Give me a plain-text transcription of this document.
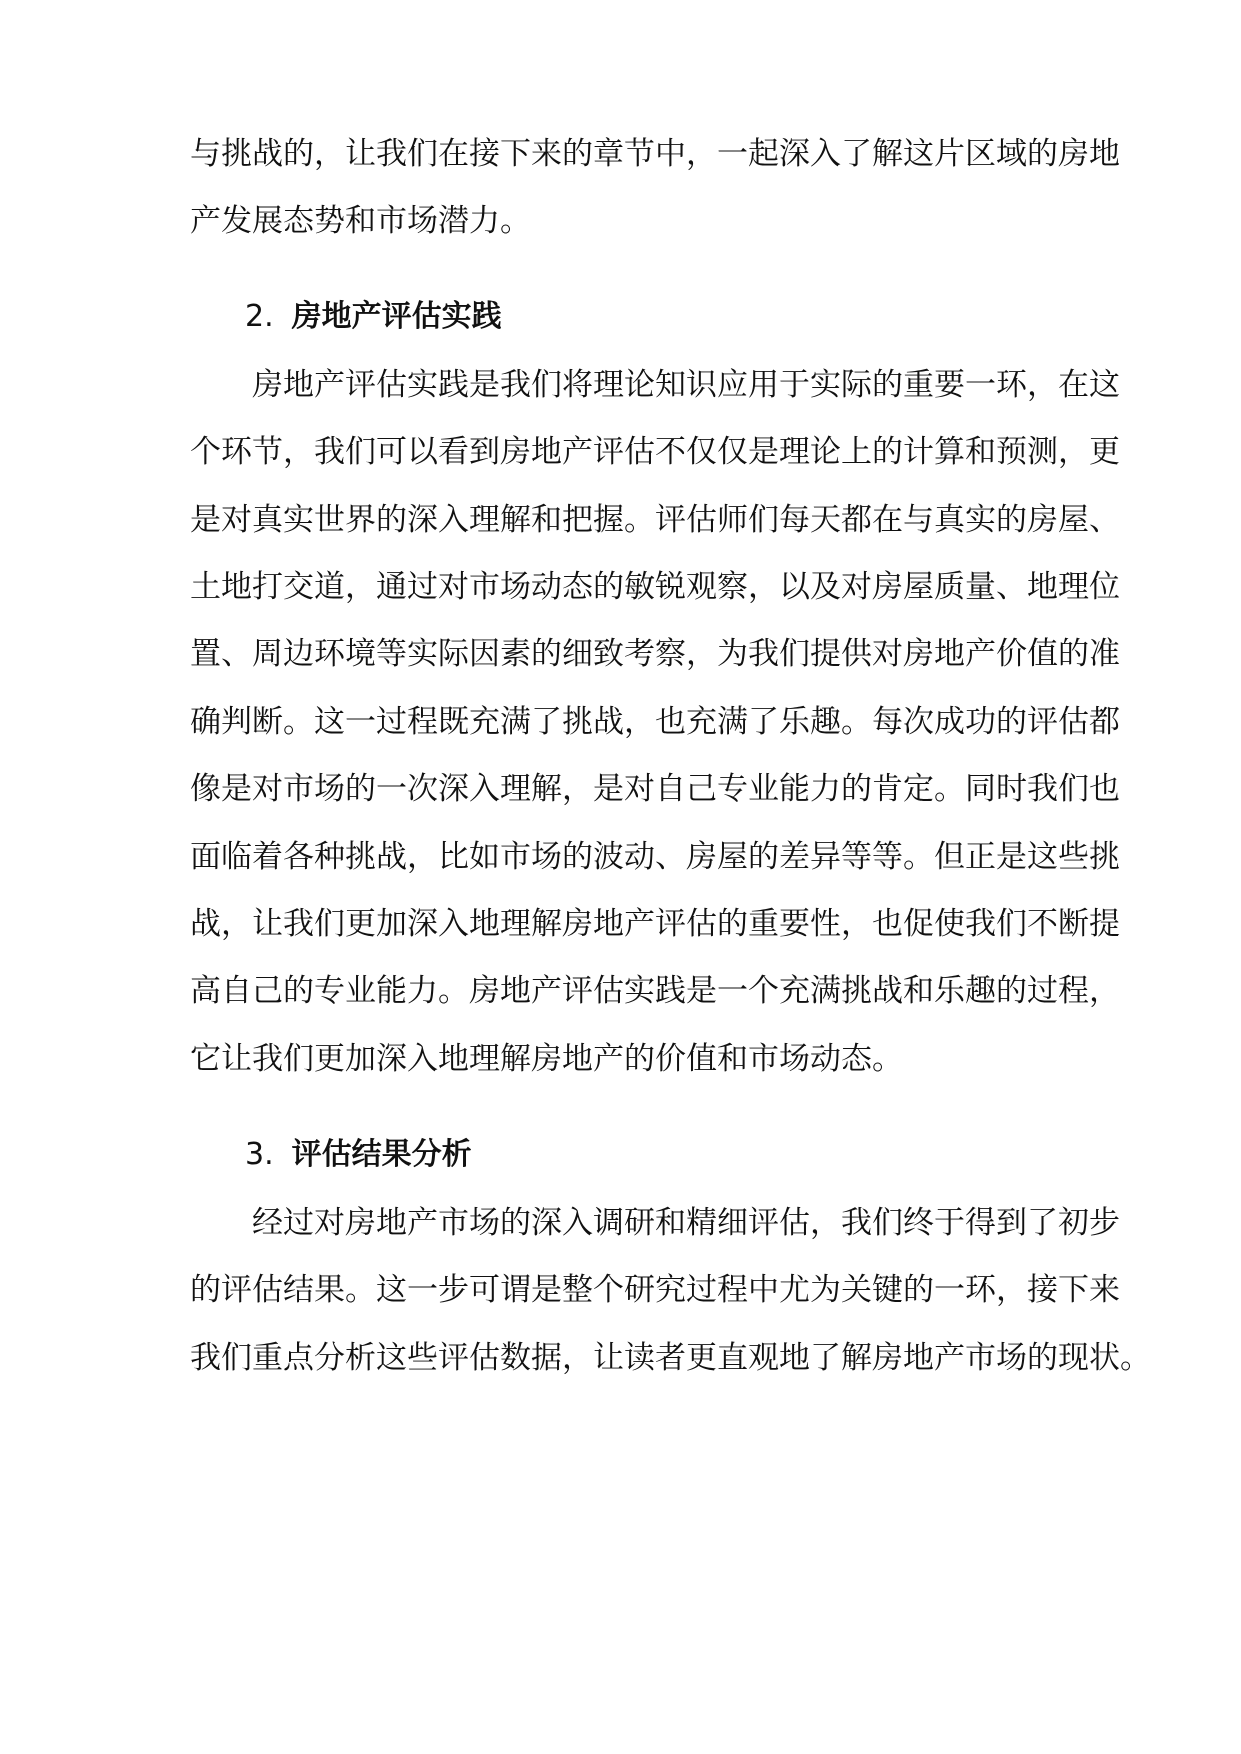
与挑战的，让我们在接下来的章节中，一起深入了解这片区域的房地
产发展态势和市场潜力。
2. 房地产评估实践
　　房地产评估实践是我们将理论知识应用于实际的重要一环，在这
个环节，我们可以看到房地产评估不仅仅是理论上的计算和预测，更
是对真实世界的深入理解和把握。评估师们每天都在与真实的房屋、
土地打交道，通过对市场动态的敏锐观察，以及对房屋质量、地理位
置、周边环境等实际因素的细致考察，为我们提供对房地产价值的准
确判断。这一过程既充满了挑战，也充满了乐趣。每次成功的评估都
像是对市场的一次深入理解，是对自己专业能力的肯定。同时我们也
面临着各种挑战，比如市场的波动、房屋的差异等等。但正是这些挑
战，让我们更加深入地理解房地产评估的重要性，也促使我们不断提
高自己的专业能力。房地产评估实践是一个充满挑战和乐趣的过程，
它让我们更加深入地理解房地产的价值和市场动态。
3. 评估结果分析
　　经过对房地产市场的深入调研和精细评估，我们终于得到了初步
的评估结果。这一步可谓是整个研究过程中尤为关键的一环，接下来
我们重点分析这些评估数据，让读者更直观地了解房地产市场的现状。
